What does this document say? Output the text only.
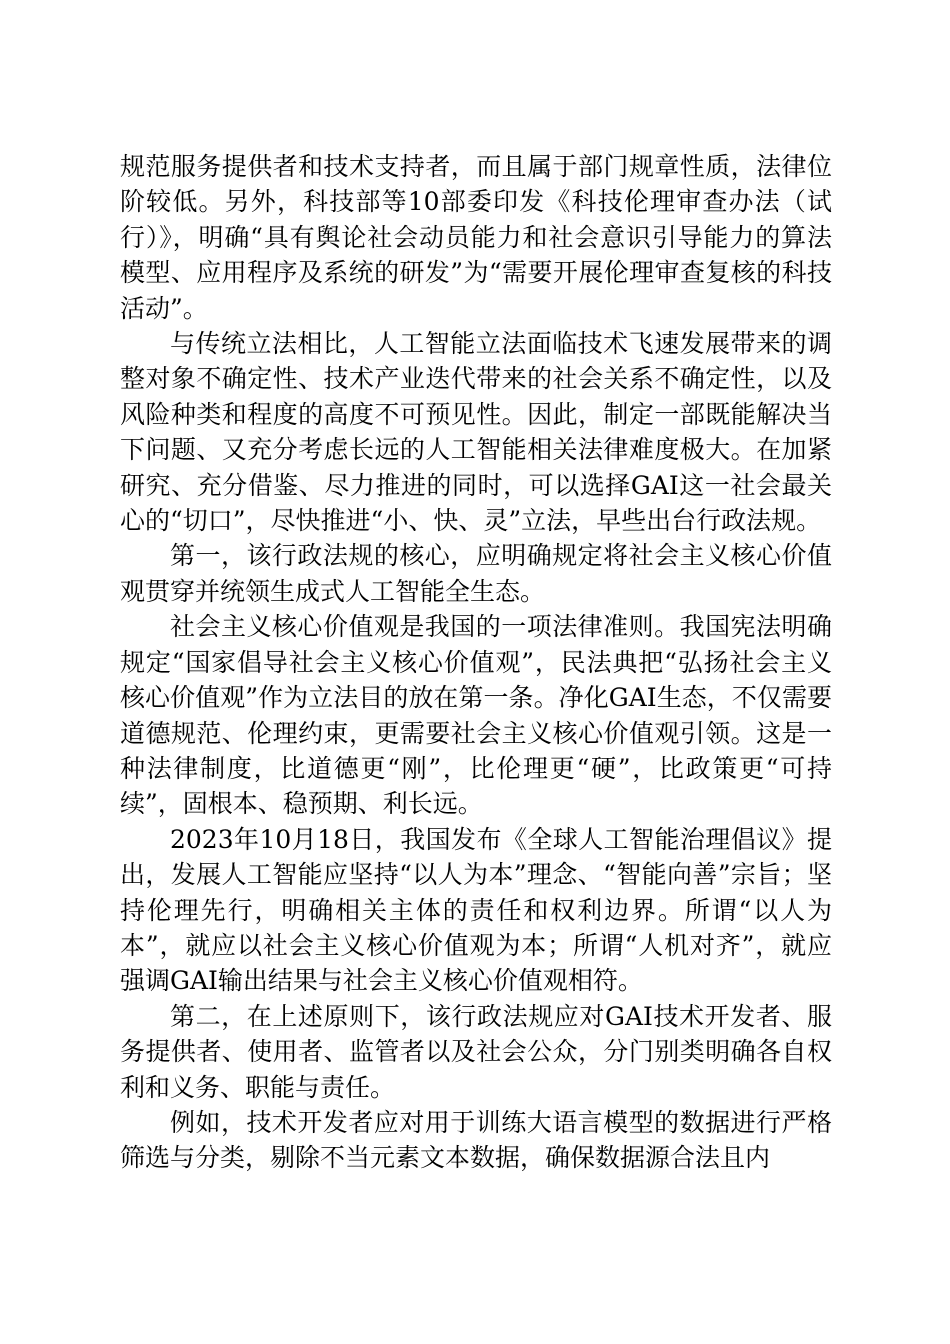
规范服务提供者和技术支持者，而且属于部门规章性质，法律位阶较低。另外，科技部等10部委印发《科技伦理审查办法（试行）》，明确“具有舆论社会动员能力和社会意识引导能力的算法模型、应用程序及系统的研发”为“需要开展伦理审查复核的科技活动”。

与传统立法相比，人工智能立法面临技术飞速发展带来的调整对象不确定性、技术产业迭代带来的社会关系不确定性，以及风险种类和程度的高度不可预见性。因此，制定一部既能解决当下问题、又充分考虑长远的人工智能相关法律难度极大。在加紧研究、充分借鉴、尽力推进的同时，可以选择GAI这一社会最关心的“切口”，尽快推进“小、快、灵”立法，早些出台行政法规。

第一，该行政法规的核心，应明确规定将社会主义核心价值观贯穿并统领生成式人工智能全生态。

社会主义核心价值观是我国的一项法律准则。我国宪法明确规定“国家倡导社会主义核心价值观”，民法典把“弘扬社会主义核心价值观”作为立法目的放在第一条。净化GAI生态，不仅需要道德规范、伦理约束，更需要社会主义核心价值观引领。这是一种法律制度，比道德更“刚”，比伦理更“硬”，比政策更“可持续”，固根本、稳预期、利长远。

2023年10月18日，我国发布《全球人工智能治理倡议》提出，发展人工智能应坚持“以人为本”理念、“智能向善”宗旨；坚持伦理先行，明确相关主体的责任和权利边界。所谓“以人为本”，就应以社会主义核心价值观为本；所谓“人机对齐”，就应强调GAI输出结果与社会主义核心价值观相符。

第二，在上述原则下，该行政法规应对GAI技术开发者、服务提供者、使用者、监管者以及社会公众，分门别类明确各自权利和义务、职能与责任。

例如，技术开发者应对用于训练大语言模型的数据进行严格筛选与分类，剔除不当元素文本数据，确保数据源合法且内
